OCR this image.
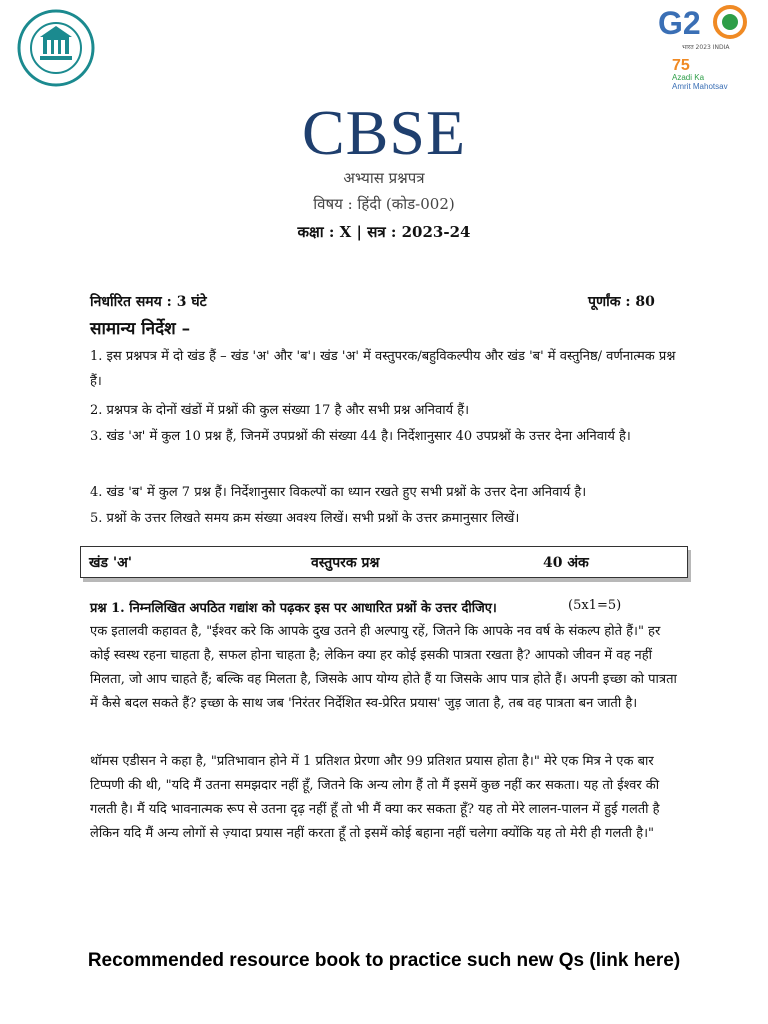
G2
भारत 2023 INDIA
75
Azadi Ka
Amrit Mahotsav
CBSE
अभ्यास प्रश्नपत्र
विषय : हिंदी (कोड-002)
कक्षा : X | सत्र : 2023-24
निर्धारित समय : 3 घंटे	पूर्णांक : 80
सामान्य निर्देश –
1. इस प्रश्नपत्र में दो खंड हैं – खंड 'अ' और 'ब'। खंड 'अ' में वस्तुपरक/बहुविकल्पीय और खंड 'ब' में वस्तुनिष्ठ/ वर्णनात्मक प्रश्न हैं।
2. प्रश्नपत्र के दोनों खंडों में प्रश्नों की कुल संख्या 17 है और सभी प्रश्न अनिवार्य हैं।
3. खंड 'अ' में कुल 10 प्रश्न हैं, जिनमें उपप्रश्नों की संख्या 44 है। निर्देशानुसार 40 उपप्रश्नों के उत्तर देना अनिवार्य है।
4. खंड 'ब' में कुल 7 प्रश्न हैं। निर्देशानुसार विकल्पों का ध्यान रखते हुए सभी प्रश्नों के उत्तर देना अनिवार्य है।
5. प्रश्नों के उत्तर लिखते समय क्रम संख्या अवश्य लिखें। सभी प्रश्नों के उत्तर क्रमानुसार लिखें।
खंड 'अ'	वस्तुपरक प्रश्न	40 अंक
प्रश्न 1. निम्नलिखित अपठित गद्यांश को पढ़कर इस पर आधारित प्रश्नों के उत्तर दीजिए।	(5x1=5)
एक इतालवी कहावत है, "ईश्वर करे कि आपके दुख उतने ही अल्पायु रहें, जितने कि आपके नव वर्ष के संकल्प होते हैं।" हर कोई स्वस्थ रहना चाहता है, सफल होना चाहता है; लेकिन क्या हर कोई इसकी पात्रता रखता है? आपको जीवन में वह नहीं मिलता, जो आप चाहते हैं; बल्कि वह मिलता है, जिसके आप योग्य होते हैं या जिसके आप पात्र होते हैं। अपनी इच्छा को पात्रता में कैसे बदल सकते हैं? इच्छा के साथ जब 'निरंतर निर्देशित स्व-प्रेरित प्रयास' जुड़ जाता है, तब वह पात्रता बन जाती है।
थॉमस एडीसन ने कहा है, "प्रतिभावान होने में 1 प्रतिशत प्रेरणा और 99 प्रतिशत प्रयास होता है।" मेरे एक मित्र ने एक बार टिप्पणी की थी, "यदि मैं उतना समझदार नहीं हूँ, जितने कि अन्य लोग हैं तो मैं इसमें कुछ नहीं कर सकता। यह तो ईश्वर की गलती है। मैं यदि भावनात्मक रूप से उतना दृढ़ नहीं हूँ तो भी मैं क्या कर सकता हूँ? यह तो मेरे लालन-पालन में हुई गलती है लेकिन यदि मैं अन्य लोगों से ज़्यादा प्रयास नहीं करता हूँ तो इसमें कोई बहाना नहीं चलेगा क्योंकि यह तो मेरी ही गलती है।"
Recommended resource book to practice such new Qs (link here)
